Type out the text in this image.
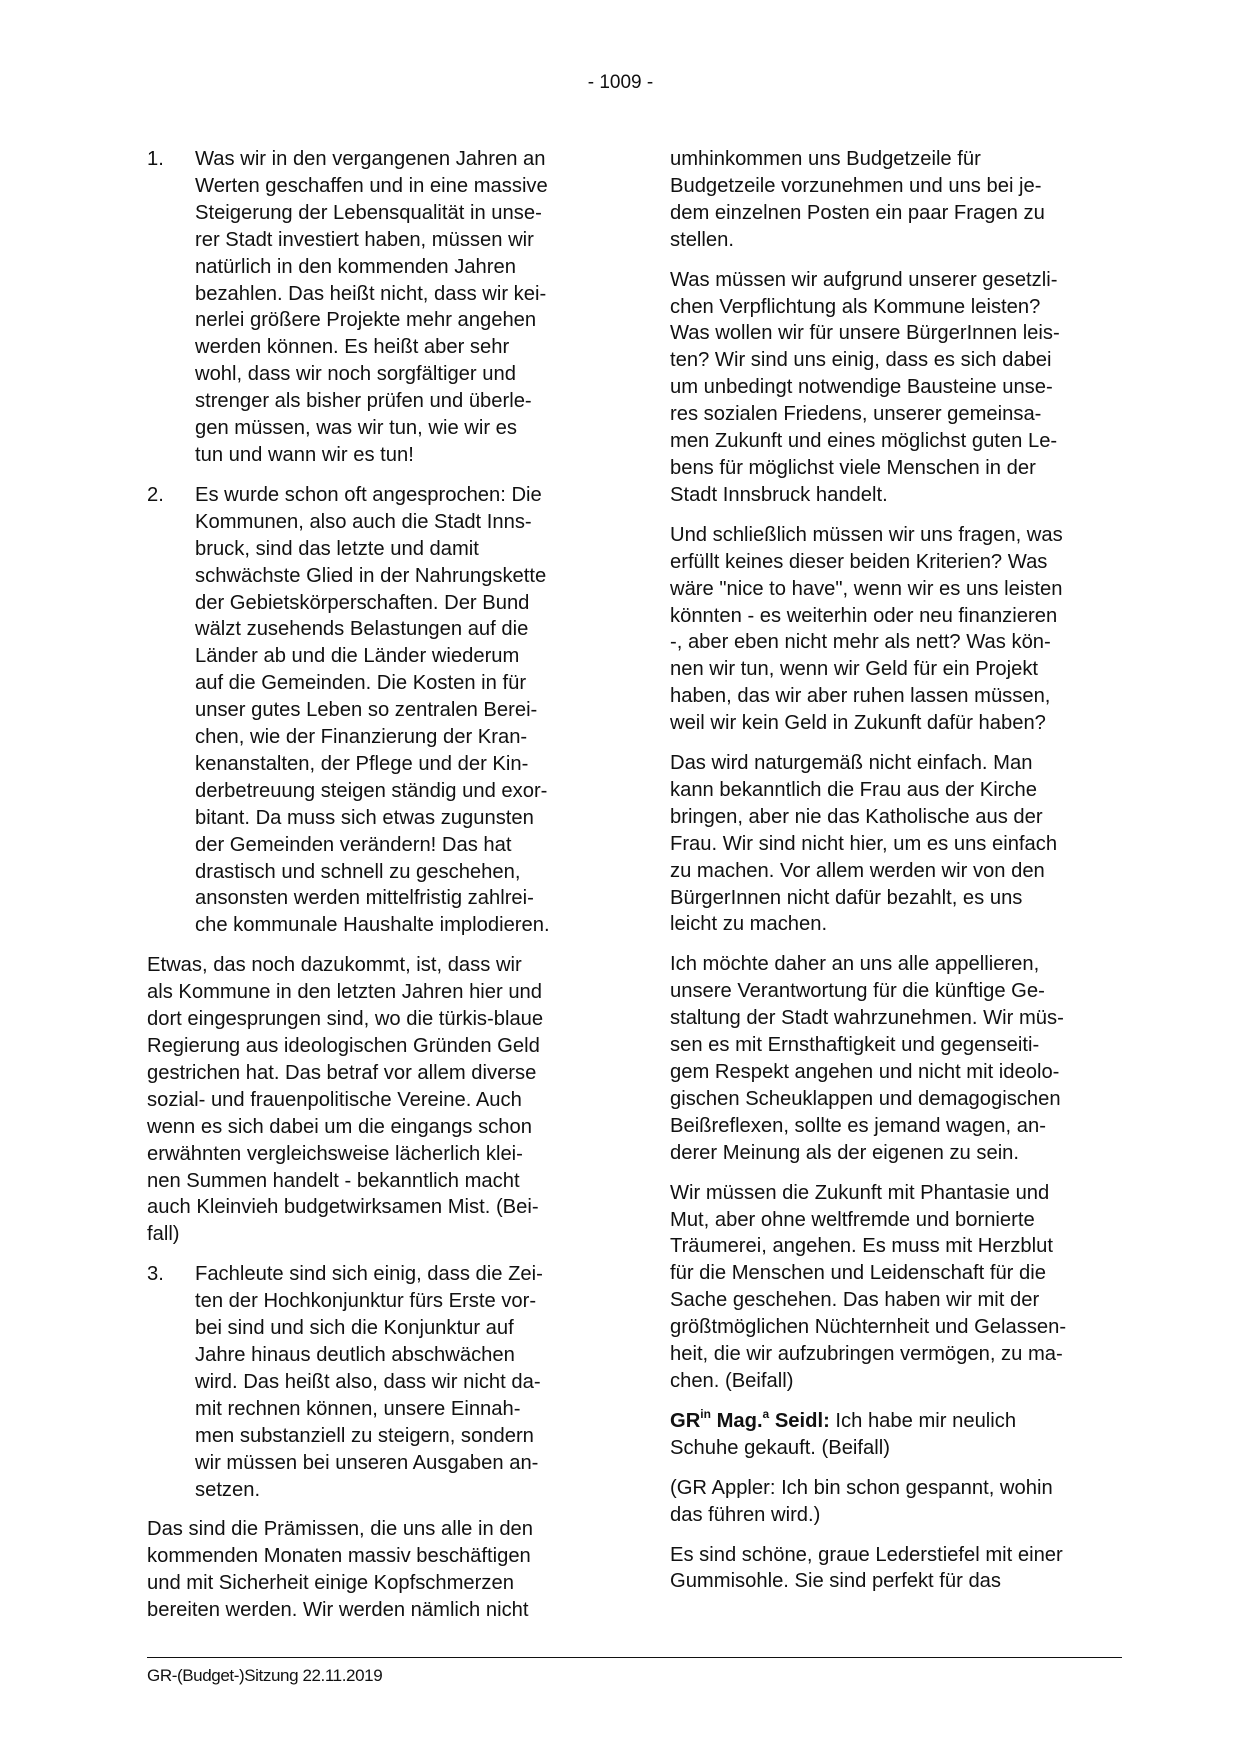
- 1009 -
1. Was wir in den vergangenen Jahren an
Werten geschaffen und in eine massive
Steigerung der Lebensqualität in unse-
rer Stadt investiert haben, müssen wir
natürlich in den kommenden Jahren
bezahlen. Das heißt nicht, dass wir kei-
nerlei größere Projekte mehr angehen
werden können. Es heißt aber sehr
wohl, dass wir noch sorgfältiger und
strenger als bisher prüfen und überle-
gen müssen, was wir tun, wie wir es
tun und wann wir es tun!
2. Es wurde schon oft angesprochen: Die
Kommunen, also auch die Stadt Inns-
bruck, sind das letzte und damit
schwächste Glied in der Nahrungskette
der Gebietskörperschaften. Der Bund
wälzt zusehends Belastungen auf die
Länder ab und die Länder wiederum
auf die Gemeinden. Die Kosten in für
unser gutes Leben so zentralen Berei-
chen, wie der Finanzierung der Kran-
kenanstalten, der Pflege und der Kin-
derbetreuung steigen ständig und exor-
bitant. Da muss sich etwas zugunsten
der Gemeinden verändern! Das hat
drastisch und schnell zu geschehen,
ansonsten werden mittelfristig zahlrei-
che kommunale Haushalte implodieren.
Etwas, das noch dazukommt, ist, dass wir
als Kommune in den letzten Jahren hier und
dort eingesprungen sind, wo die türkis-blaue
Regierung aus ideologischen Gründen Geld
gestrichen hat. Das betraf vor allem diverse
sozial- und frauenpolitische Vereine. Auch
wenn es sich dabei um die eingangs schon
erwähnten vergleichsweise lächerlich klei-
nen Summen handelt - bekanntlich macht
auch Kleinvieh budgetwirksamen Mist. (Bei-
fall)
3. Fachleute sind sich einig, dass die Zei-
ten der Hochkonjunktur fürs Erste vor-
bei sind und sich die Konjunktur auf
Jahre hinaus deutlich abschwächen
wird. Das heißt also, dass wir nicht da-
mit rechnen können, unsere Einnah-
men substanziell zu steigern, sondern
wir müssen bei unseren Ausgaben an-
setzen.
Das sind die Prämissen, die uns alle in den
kommenden Monaten massiv beschäftigen
und mit Sicherheit einige Kopfschmerzen
bereiten werden. Wir werden nämlich nicht
umhinkommen uns Budgetzeile für
Budgetzeile vorzunehmen und uns bei je-
dem einzelnen Posten ein paar Fragen zu
stellen.
Was müssen wir aufgrund unserer gesetzli-
chen Verpflichtung als Kommune leisten?
Was wollen wir für unsere BürgerInnen leis-
ten? Wir sind uns einig, dass es sich dabei
um unbedingt notwendige Bausteine unse-
res sozialen Friedens, unserer gemeinsa-
men Zukunft und eines möglichst guten Le-
bens für möglichst viele Menschen in der
Stadt Innsbruck handelt.
Und schließlich müssen wir uns fragen, was
erfüllt keines dieser beiden Kriterien? Was
wäre "nice to have", wenn wir es uns leisten
könnten - es weiterhin oder neu finanzieren
-, aber eben nicht mehr als nett? Was kön-
nen wir tun, wenn wir Geld für ein Projekt
haben, das wir aber ruhen lassen müssen,
weil wir kein Geld in Zukunft dafür haben?
Das wird naturgemäß nicht einfach. Man
kann bekanntlich die Frau aus der Kirche
bringen, aber nie das Katholische aus der
Frau. Wir sind nicht hier, um es uns einfach
zu machen. Vor allem werden wir von den
BürgerInnen nicht dafür bezahlt, es uns
leicht zu machen.
Ich möchte daher an uns alle appellieren,
unsere Verantwortung für die künftige Ge-
staltung der Stadt wahrzunehmen. Wir müs-
sen es mit Ernsthaftigkeit und gegenseiti-
gem Respekt angehen und nicht mit ideolo-
gischen Scheuklappen und demagogischen
Beißreflexen, sollte es jemand wagen, an-
derer Meinung als der eigenen zu sein.
Wir müssen die Zukunft mit Phantasie und
Mut, aber ohne weltfremde und bornierte
Träumerei, angehen. Es muss mit Herzblut
für die Menschen und Leidenschaft für die
Sache geschehen. Das haben wir mit der
größtmöglichen Nüchternheit und Gelassen-
heit, die wir aufzubringen vermögen, zu ma-
chen. (Beifall)
$GR^{in}$ Mag.$^a$ Seidl: Ich habe mir neulich
Schuhe gekauft. (Beifall)
(GR Appler: Ich bin schon gespannt, wohin
das führen wird.)
Es sind schöne, graue Lederstiefel mit einer
Gummisohle. Sie sind perfekt für das
GR-(Budget-)Sitzung 22.11.2019
